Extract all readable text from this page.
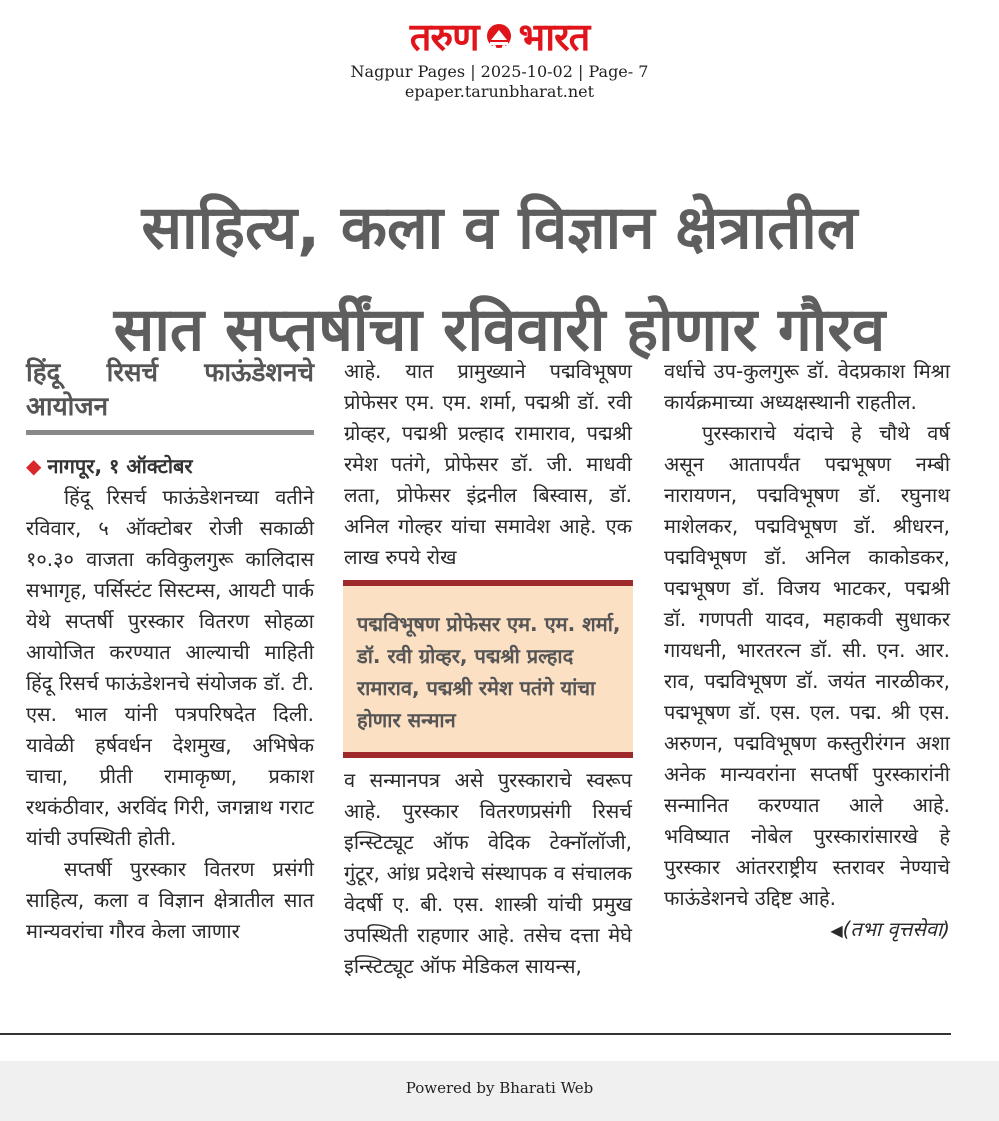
तरुण भारत
Nagpur Pages | 2025-10-02 | Page- 7
epaper.tarunbharat.net
साहित्य, कला व विज्ञान क्षेत्रातील
सात सप्तर्षींचा रविवारी होणार गौरव
हिंदू रिसर्च फाऊंडेशनचे आयोजन

◆ नागपूर, १ ऑक्टोबर

हिंदू रिसर्च फाऊंडेशनच्या वतीने रविवार, ५ ऑक्टोबर रोजी सकाळी १०.३० वाजता कविकुलगुरू कालिदास सभागृह, पर्सिस्टंट सिस्टम्स, आयटी पार्क येथे सप्तर्षी पुरस्कार वितरण सोहळा आयोजित करण्यात आल्याची माहिती हिंदू रिसर्च फाऊंडेशनचे संयोजक डॉ. टी. एस. भाल यांनी पत्रपरिषदेत दिली. यावेळी हर्षवर्धन देशमुख, अभिषेक चाचा, प्रीती रामाकृष्ण, प्रकाश रथकंठीवार, अरविंद गिरी, जगन्नाथ गराट यांची उपस्थिती होती.

सप्तर्षी पुरस्कार वितरण प्रसंगी साहित्य, कला व विज्ञान क्षेत्रातील सात मान्यवरांचा गौरव केला जाणार

आहे. यात प्रामुख्याने पद्मविभूषण प्रोफेसर एम. एम. शर्मा, पद्मश्री डॉ. रवी ग्रोव्हर, पद्मश्री प्रल्हाद रामाराव, पद्मश्री रमेश पतंगे, प्रोफेसर डॉ. जी. माधवी लता, प्रोफेसर इंद्रनील बिस्वास, डॉ. अनिल गोल्हर यांचा समावेश आहे. एक लाख रुपये रोख

पद्मविभूषण प्रोफेसर एम. एम. शर्मा, डॉ. रवी ग्रोव्हर, पद्मश्री प्रल्हाद रामाराव, पद्मश्री रमेश पतंगे यांचा होणार सन्मान

व सन्मानपत्र असे पुरस्काराचे स्वरूप आहे. पुरस्कार वितरणप्रसंगी रिसर्च इन्स्टिट्यूट ऑफ वेदिक टेक्नॉलॉजी, गुंटूर, आंध्र प्रदेशचे संस्थापक व संचालक वेदर्षी ए. बी. एस. शास्त्री यांची प्रमुख उपस्थिती राहणार आहे. तसेच दत्ता मेघे इन्स्टिट्यूट ऑफ मेडिकल सायन्स,

वर्धाचे उप-कुलगुरू डॉ. वेदप्रकाश मिश्रा कार्यक्रमाच्या अध्यक्षस्थानी राहतील.

पुरस्काराचे यंदाचे हे चौथे वर्ष असून आतापर्यंत पद्मभूषण नम्बी नारायणन, पद्मविभूषण डॉ. रघुनाथ माशेलकर, पद्मविभूषण डॉ. श्रीधरन, पद्मविभूषण डॉ. अनिल काकोडकर, पद्मभूषण डॉ. विजय भाटकर, पद्मश्री डॉ. गणपती यादव, महाकवी सुधाकर गायधनी, भारतरत्न डॉ. सी. एन. आर. राव, पद्मविभूषण डॉ. जयंत नारळीकर, पद्मभूषण डॉ. एस. एल. पद्म. श्री एस. अरुणन, पद्मविभूषण कस्तुरीरंगन अशा अनेक मान्यवरांना सप्तर्षी पुरस्कारांनी सन्मानित करण्यात आले आहे. भविष्यात नोबेल पुरस्कारांसारखे हे पुरस्कार आंतरराष्ट्रीय स्तरावर नेण्याचे फाऊंडेशनचे उद्दिष्ट आहे.

◀(तभा वृत्तसेवा)

Powered by Bharati Web
